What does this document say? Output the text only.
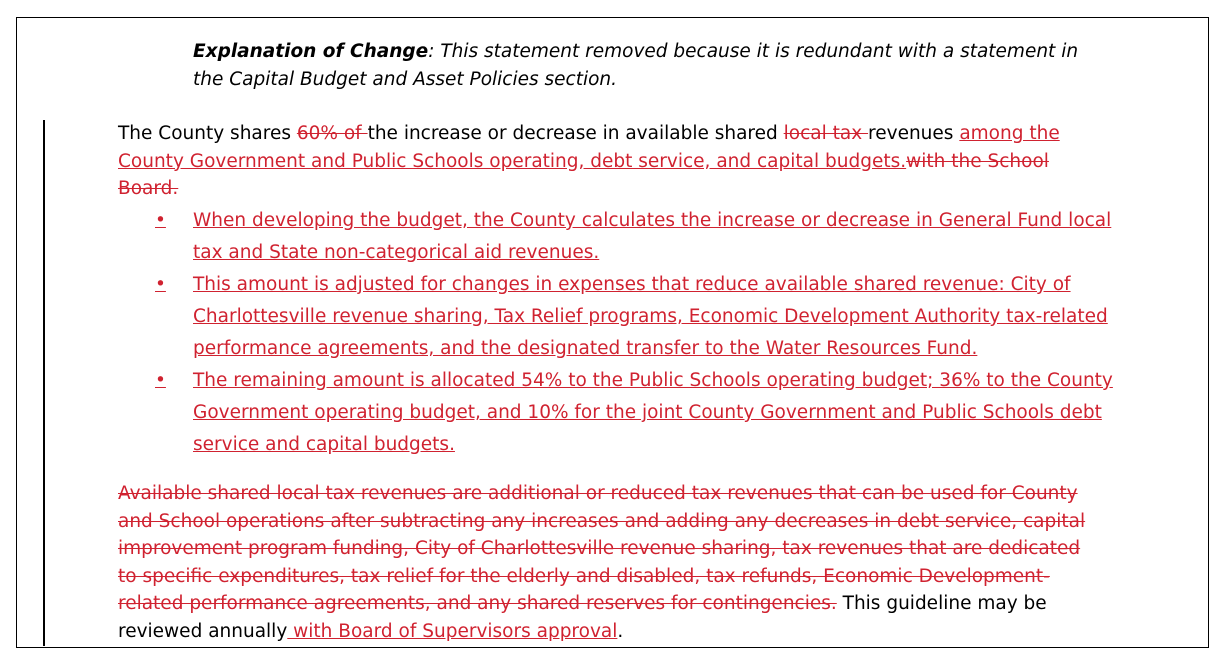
Explanation of Change: This statement removed because it is redundant with a statement in the Capital Budget and Asset Policies section.

The County shares 60% of the increase or decrease in available shared local tax revenues among the County Government and Public Schools operating, debt service, and capital budgets.with the School Board.

•	When developing the budget, the County calculates the increase or decrease in General Fund local tax and State non-categorical aid revenues.
•	This amount is adjusted for changes in expenses that reduce available shared revenue: City of Charlottesville revenue sharing, Tax Relief programs, Economic Development Authority tax-related performance agreements, and the designated transfer to the Water Resources Fund.
•	The remaining amount is allocated 54% to the Public Schools operating budget; 36% to the County Government operating budget, and 10% for the joint County Government and Public Schools debt service and capital budgets.

Available shared local tax revenues are additional or reduced tax revenues that can be used for County and School operations after subtracting any increases and adding any decreases in debt service, capital improvement program funding, City of Charlottesville revenue sharing, tax revenues that are dedicated to specific expenditures, tax relief for the elderly and disabled, tax refunds, Economic Development-related performance agreements, and any shared reserves for contingencies. This guideline may be reviewed annually with Board of Supervisors approval.
